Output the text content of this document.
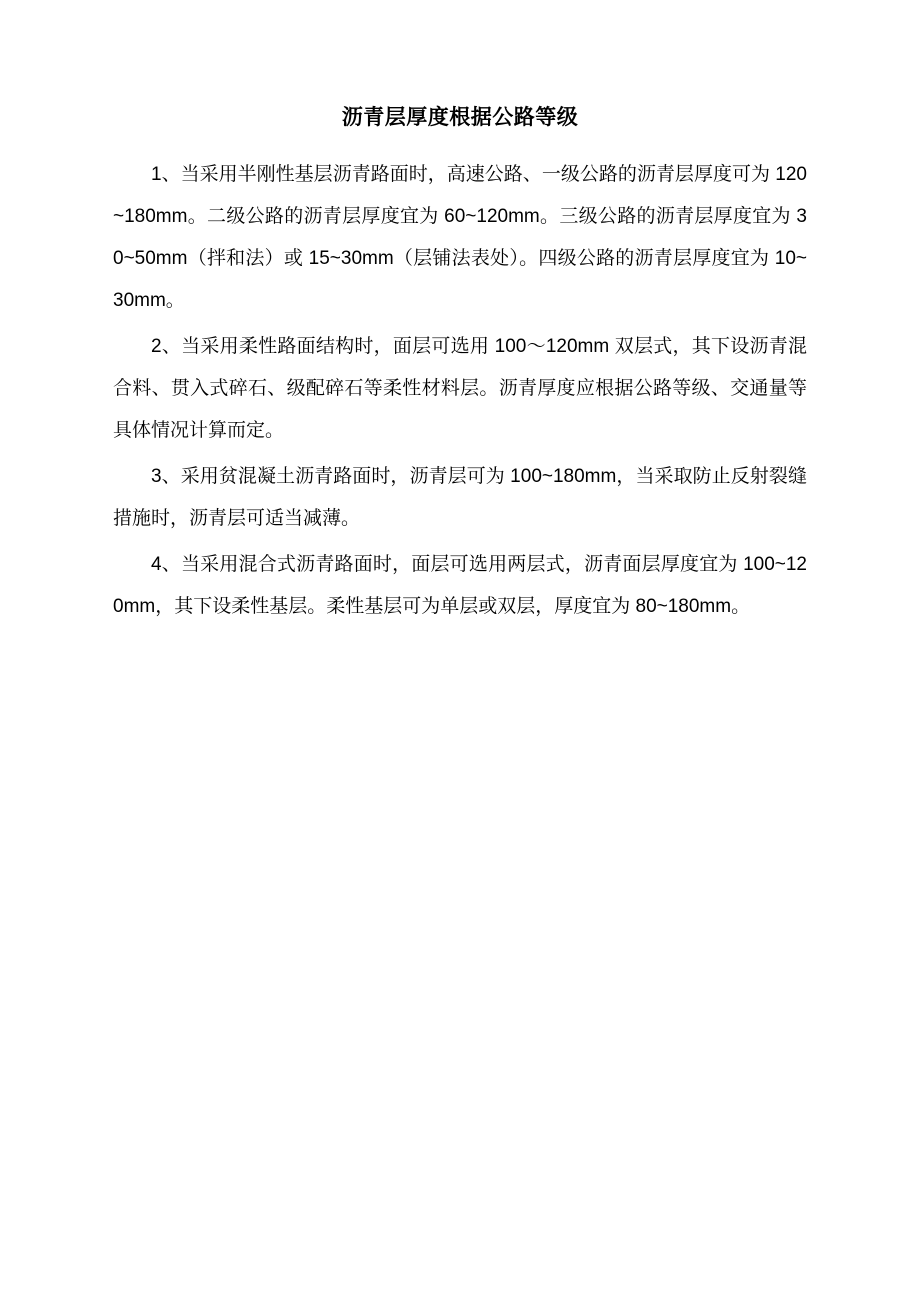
沥青层厚度根据公路等级

1、当采用半刚性基层沥青路面时，高速公路、一级公路的沥青层厚度可为 120~180mm。二级公路的沥青层厚度宜为 60~120mm。三级公路的沥青层厚度宜为 30~50mm（拌和法）或 15~30mm（层铺法表处）。四级公路的沥青层厚度宜为 10~30mm。

2、当采用柔性路面结构时，面层可选用 100～120mm 双层式，其下设沥青混合料、贯入式碎石、级配碎石等柔性材料层。沥青厚度应根据公路等级、交通量等具体情况计算而定。

3、采用贫混凝土沥青路面时，沥青层可为 100~180mm，当采取防止反射裂缝措施时，沥青层可适当减薄。

4、当采用混合式沥青路面时，面层可选用两层式，沥青面层厚度宜为 100~120mm，其下设柔性基层。柔性基层可为单层或双层，厚度宜为 80~180mm。
